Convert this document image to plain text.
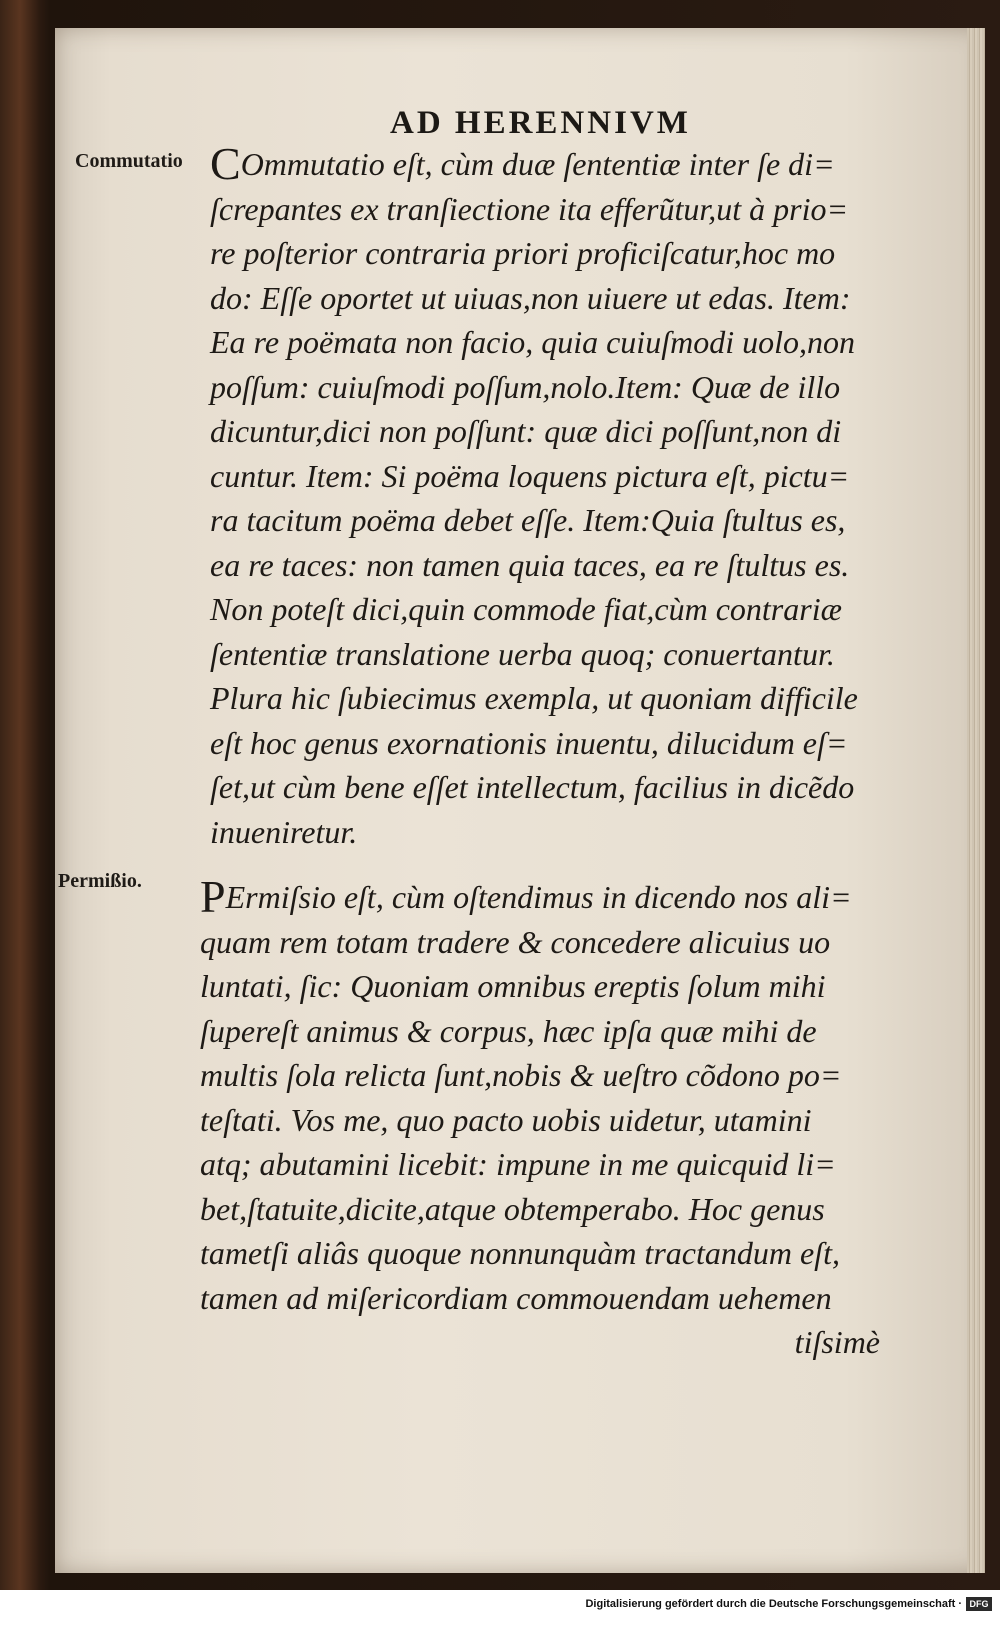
AD HERENNIVM
Commutatio
Permißio.
COmmutatio eſt, cùm duæ ſententiæ inter ſe di=
ſcrepantes ex tranſiectione ita efferũtur,ut à prio=
re poſterior contraria priori proficiſcatur,hoc mo
do: Eſſe oportet ut uiuas,non uiuere ut edas. Item:
Ea re poëmata non facio, quia cuiuſmodi uolo,non
poſſum: cuiuſmodi poſſum,nolo.Item: Quæ de illo
dicuntur,dici non poſſunt: quæ dici poſſunt,non di
cuntur. Item: Si poëma loquens pictura eſt, pictu=
ra tacitum poëma debet eſſe. Item:Quia ſtultus es,
ea re taces: non tamen quia taces, ea re ſtultus es.
Non poteſt dici,quin commode fiat,cùm contrariæ
ſententiæ translatione uerba quoq; conuertantur.
Plura hic ſubiecimus exempla, ut quoniam difficile
eſt hoc genus exornationis inuentu, dilucidum eſ=
ſet,ut cùm bene eſſet intellectum, facilius in dicẽdo
inueniretur.
PErmiſsio eſt, cùm oſtendimus in dicendo nos ali=
quam rem totam tradere & concedere alicuius uo
luntati, ſic: Quoniam omnibus ereptis ſolum mihi
ſupereſt animus & corpus, hæc ipſa quæ mihi de
multis ſola relicta ſunt,nobis & ueſtro cõdono po=
teſtati. Vos me, quo pacto uobis uidetur, utamini
atq; abutamini licebit: impune in me quicquid li=
bet,ſtatuite,dicite,atque obtemperabo. Hoc genus
tametſi aliâs quoque nonnunquàm tractandum eſt,
tamen ad miſericordiam commouendam uehemen
tiſsimè
Digitalisierung gefördert durch die Deutsche Forschungsgemeinschaft · DFG
